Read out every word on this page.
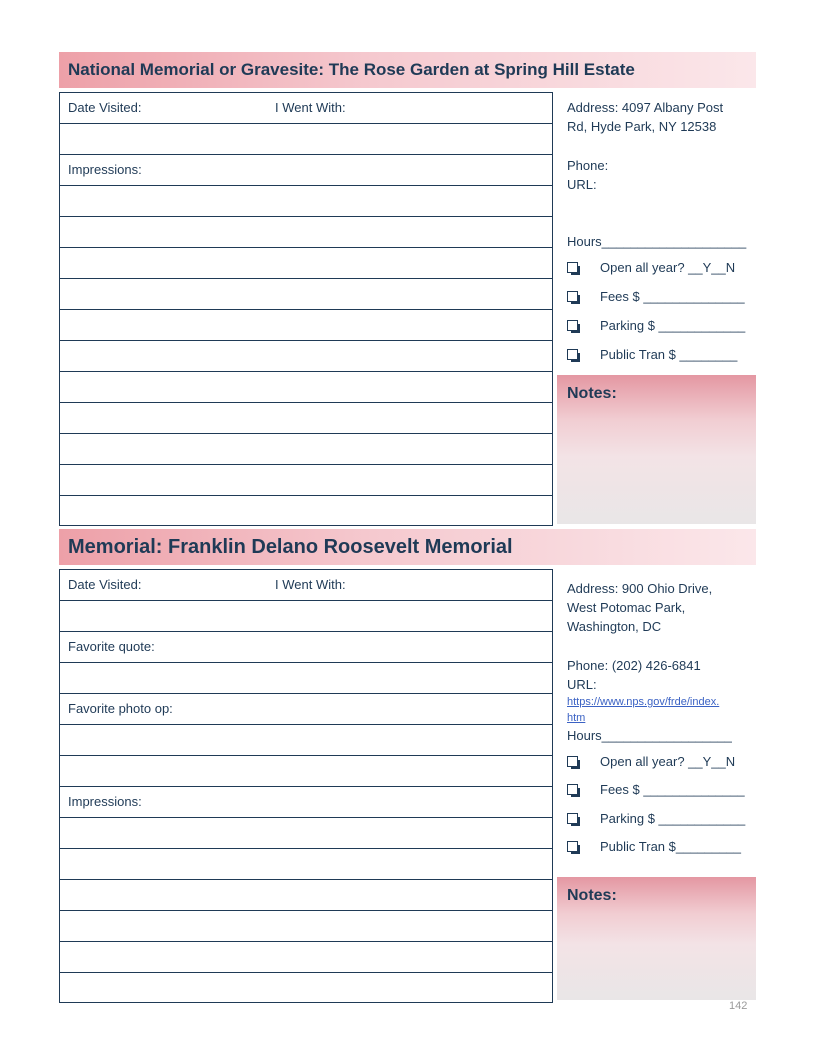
National Memorial or Gravesite: The Rose Garden at Spring Hill Estate
Date Visited:	I Went With:
Impressions:
Address: 4097 Albany Post
Rd, Hyde Park, NY 12538
Phone:
URL:
Hours____________________
Open all year? __Y__N
Fees $ ______________
Parking $ ____________
Public Tran $ ________
Notes:
Memorial: Franklin Delano Roosevelt Memorial
Date Visited:	I Went With:
Favorite quote:
Favorite photo op:
Impressions:
Address: 900 Ohio Drive,
West Potomac Park,
Washington, DC
Phone: (202) 426-6841
URL:
https://www.nps.gov/frde/index.
htm
Hours__________________
Open all year? __Y__N
Fees $ ______________
Parking $ ____________
Public Tran $_________
Notes:
142
